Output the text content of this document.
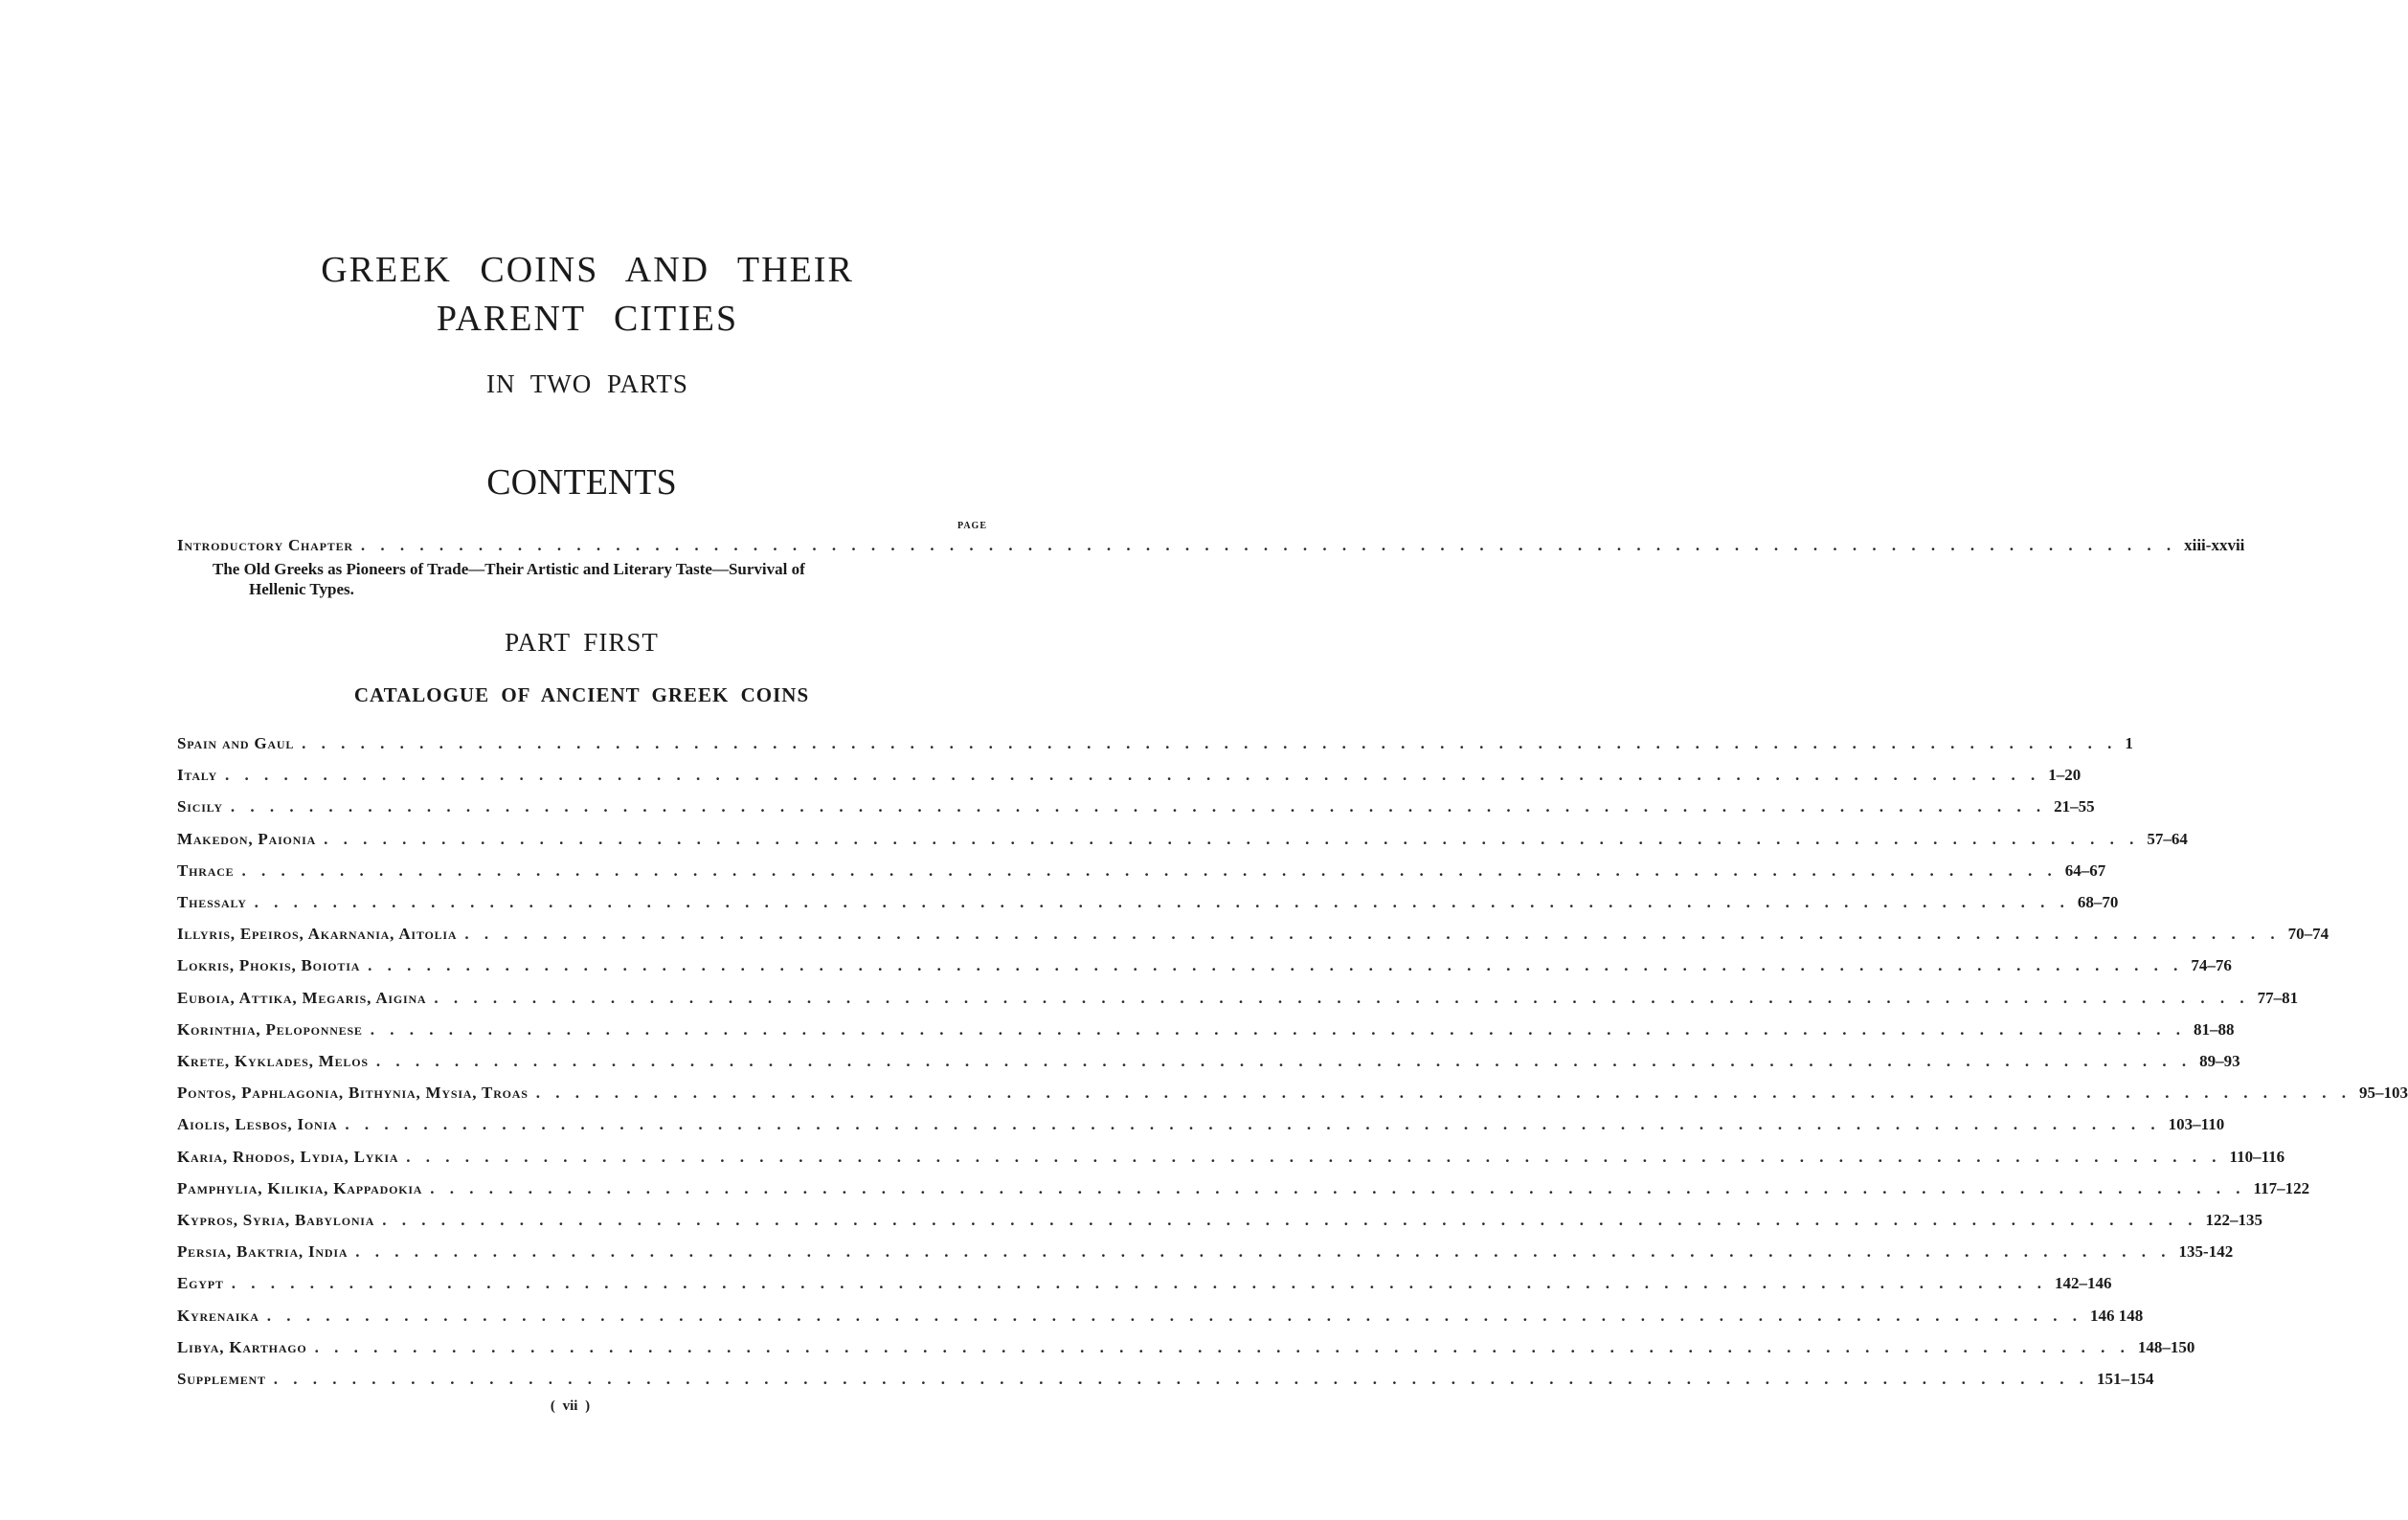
GREEK COINS AND THEIR
PARENT CITIES
IN TWO PARTS
CONTENTS
PAGE
Introductory Chapter . . . . . . . . . . . . . . . . . . . . . . . . . . . . . . . . . . . . . . . . . . . . . . . . . . . . . . . . . . . . . . . . . . . . . . . . . . . . . . . . . . . . . . . . . . . . . xiii-xxvii
The Old Greeks as Pioneers of Trade—Their Artistic and Literary Taste—Survival of
Hellenic Types.
PART FIRST
CATALOGUE OF ANCIENT GREEK COINS
Spain and Gaul . . . . . . . . . . . . . . . . . . . . . . . . . . . . . . . . . . . . . . . . . . . . . . . . . . . . . . . . . . . . . . . . . . . . . . . . . . . . . . . . . . . . . . . . . . . . . 1
Italy . . . . . . . . . . . . . . . . . . . . . . . . . . . . . . . . . . . . . . . . . . . . . . . . . . . . . . . . . . . . . . . . . . . . . . . . . . . . . . . . . . . . . . . . . . . . . 1–20
Sicily . . . . . . . . . . . . . . . . . . . . . . . . . . . . . . . . . . . . . . . . . . . . . . . . . . . . . . . . . . . . . . . . . . . . . . . . . . . . . . . . . . . . . . . . . . . . . 21–55
Makedon, Paionia . . . . . . . . . . . . . . . . . . . . . . . . . . . . . . . . . . . . . . . . . . . . . . . . . . . . . . . . . . . . . . . . . . . . . . . . . . . . . . . . . . . . . . . . . . . . . 57–64
Thrace . . . . . . . . . . . . . . . . . . . . . . . . . . . . . . . . . . . . . . . . . . . . . . . . . . . . . . . . . . . . . . . . . . . . . . . . . . . . . . . . . . . . . . . . . . . . . 64–67
Thessaly . . . . . . . . . . . . . . . . . . . . . . . . . . . . . . . . . . . . . . . . . . . . . . . . . . . . . . . . . . . . . . . . . . . . . . . . . . . . . . . . . . . . . . . . . . . . . 68–70
Illyris, Epeiros, Akarnania, Aitolia . . . . . . . . . . . . . . . . . . . . . . . . . . . . . . . . . . . . . . . . . . . . . . . . . . . . . . . . . . . . . . . . . . . . . . . . . . . . . . . . . . . . . . . . . . . . . 70–74
Lokris, Phokis, Boiotia . . . . . . . . . . . . . . . . . . . . . . . . . . . . . . . . . . . . . . . . . . . . . . . . . . . . . . . . . . . . . . . . . . . . . . . . . . . . . . . . . . . . . . . . . . . . . 74–76
Euboia, Attika, Megaris, Aigina . . . . . . . . . . . . . . . . . . . . . . . . . . . . . . . . . . . . . . . . . . . . . . . . . . . . . . . . . . . . . . . . . . . . . . . . . . . . . . . . . . . . . . . . . . . . . 77–81
Korinthia, Peloponnese . . . . . . . . . . . . . . . . . . . . . . . . . . . . . . . . . . . . . . . . . . . . . . . . . . . . . . . . . . . . . . . . . . . . . . . . . . . . . . . . . . . . . . . . . . . . . 81–88
Krete, Kyklades, Melos . . . . . . . . . . . . . . . . . . . . . . . . . . . . . . . . . . . . . . . . . . . . . . . . . . . . . . . . . . . . . . . . . . . . . . . . . . . . . . . . . . . . . . . . . . . . . 89–93
Pontos, Paphlagonia, Bithynia, Mysia, Troas . . . . . . . . . . . . . . . . . . . . . . . . . . . . . . . . . . . . . . . . . . . . . . . . . . . . . . . . . . . . . . . . . . . . . . . . . . . . . . . . . . . . . . . . . . . . . 95–103
Aiolis, Lesbos, Ionia . . . . . . . . . . . . . . . . . . . . . . . . . . . . . . . . . . . . . . . . . . . . . . . . . . . . . . . . . . . . . . . . . . . . . . . . . . . . . . . . . . . . . . . . . . . . . 103–110
Karia, Rhodos, Lydia, Lykia . . . . . . . . . . . . . . . . . . . . . . . . . . . . . . . . . . . . . . . . . . . . . . . . . . . . . . . . . . . . . . . . . . . . . . . . . . . . . . . . . . . . . . . . . . . . . 110–116
Pamphylia, Kilikia, Kappadokia . . . . . . . . . . . . . . . . . . . . . . . . . . . . . . . . . . . . . . . . . . . . . . . . . . . . . . . . . . . . . . . . . . . . . . . . . . . . . . . . . . . . . . . . . . . . . 117–122
Kypros, Syria, Babylonia . . . . . . . . . . . . . . . . . . . . . . . . . . . . . . . . . . . . . . . . . . . . . . . . . . . . . . . . . . . . . . . . . . . . . . . . . . . . . . . . . . . . . . . . . . . . . 122–135
Persia, Baktria, India . . . . . . . . . . . . . . . . . . . . . . . . . . . . . . . . . . . . . . . . . . . . . . . . . . . . . . . . . . . . . . . . . . . . . . . . . . . . . . . . . . . . . . . . . . . . . 135-142
Egypt . . . . . . . . . . . . . . . . . . . . . . . . . . . . . . . . . . . . . . . . . . . . . . . . . . . . . . . . . . . . . . . . . . . . . . . . . . . . . . . . . . . . . . . . . . . . . 142–146
Kyrenaika . . . . . . . . . . . . . . . . . . . . . . . . . . . . . . . . . . . . . . . . . . . . . . . . . . . . . . . . . . . . . . . . . . . . . . . . . . . . . . . . . . . . . . . . . . . . . 146 148
Libya, Karthago . . . . . . . . . . . . . . . . . . . . . . . . . . . . . . . . . . . . . . . . . . . . . . . . . . . . . . . . . . . . . . . . . . . . . . . . . . . . . . . . . . . . . . . . . . . . . 148–150
Supplement . . . . . . . . . . . . . . . . . . . . . . . . . . . . . . . . . . . . . . . . . . . . . . . . . . . . . . . . . . . . . . . . . . . . . . . . . . . . . . . . . . . . . . . . . . . . . 151–154
( vii )
